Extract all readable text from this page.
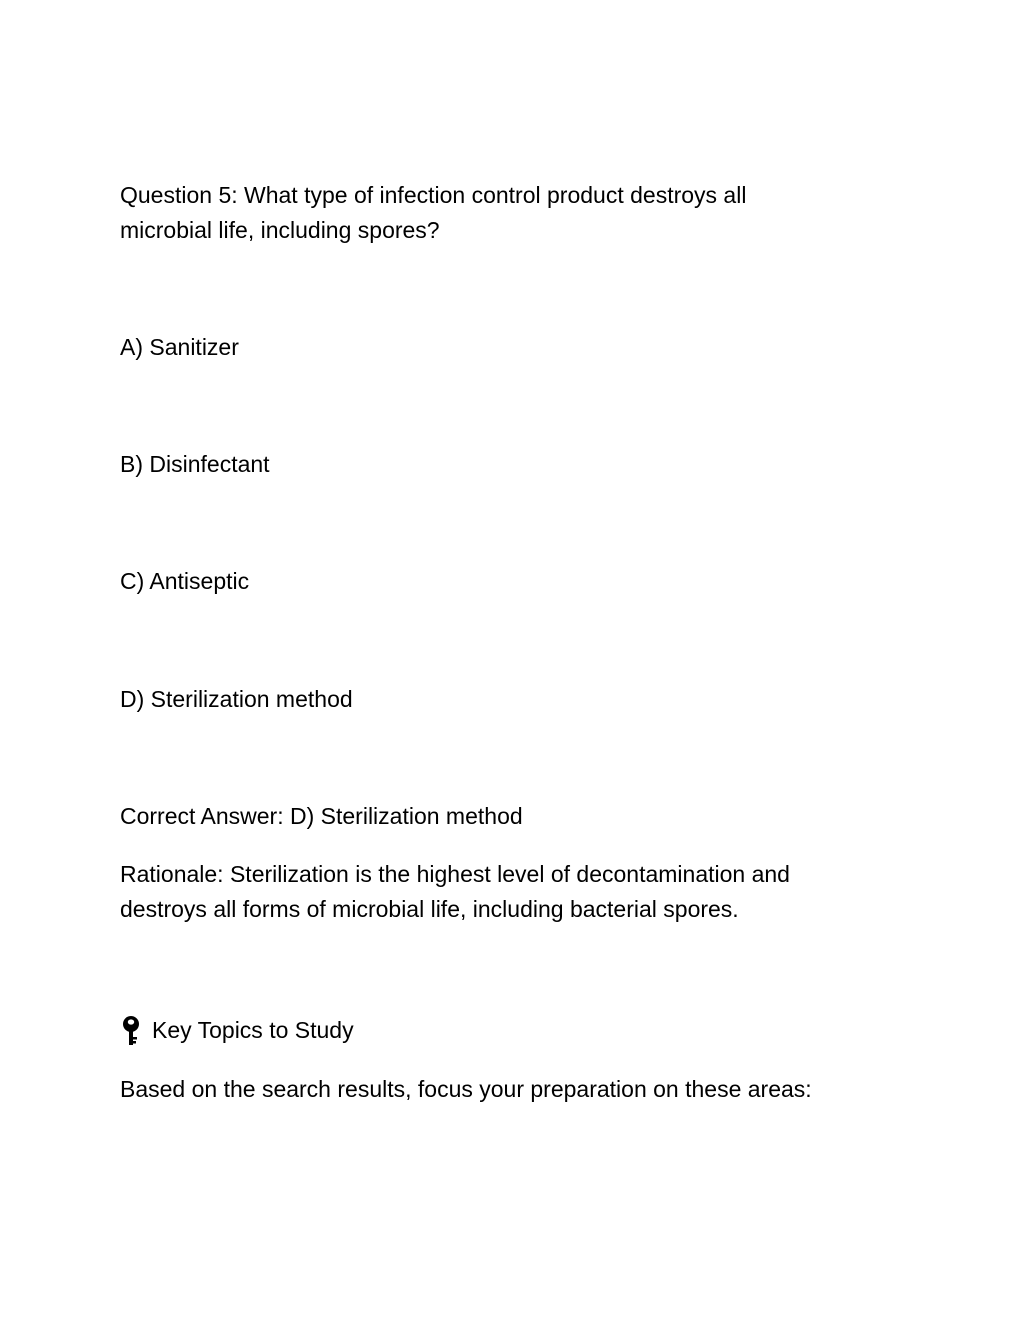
Question 5: What type of infection control product destroys all
microbial life, including spores?

A) Sanitizer

B) Disinfectant

C) Antiseptic

D) Sterilization method

Correct Answer: D) Sterilization method

Rationale: Sterilization is the highest level of decontamination and
destroys all forms of microbial life, including bacterial spores.

Key Topics to Study

Based on the search results, focus your preparation on these areas:
